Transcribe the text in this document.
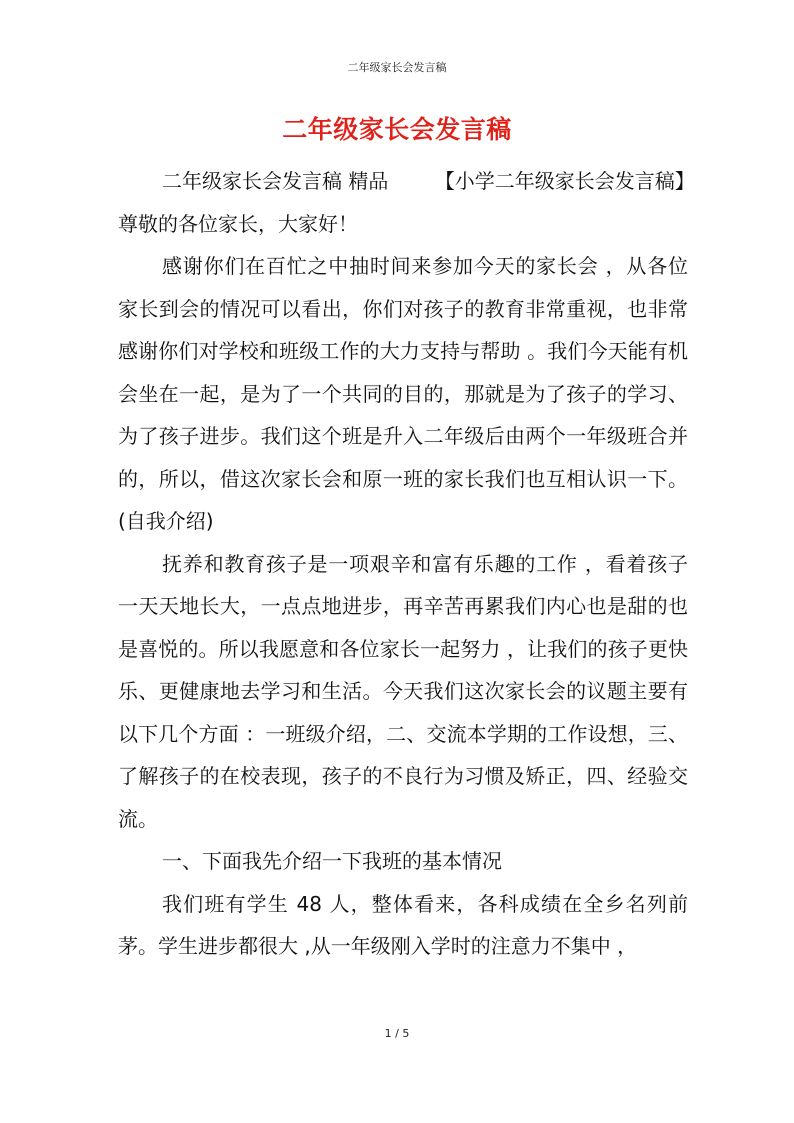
二年级家长会发言稿
二年级家长会发言稿

二年级家长会发言稿 精品　　 【小学二年级家长会发言稿】

尊敬的各位家长，大家好！

感谢你们在百忙之中抽时间来参加今天的家长会 ，从各位家长到会的情况可以看出，你们对孩子的教育非常重视，也非常感谢你们对学校和班级工作的大力支持与帮助 。我们今天能有机会坐在一起，是为了一个共同的目的，那就是为了孩子的学习、为了孩子进步。我们这个班是升入二年级后由两个一年级班合并的，所以，借这次家长会和原一班的家长我们也互相认识一下。 (自我介绍)

抚养和教育孩子是一项艰辛和富有乐趣的工作 ，看着孩子一天天地长大，一点点地进步，再辛苦再累我们内心也是甜的也是喜悦的。所以我愿意和各位家长一起努力 ，让我们的孩子更快乐、更健康地去学习和生活。今天我们这次家长会的议题主要有以下几个方面 ：一班级介绍，二、交流本学期的工作设想，三、了解孩子的在校表现，孩子的不良行为习惯及矫正，四、经验交流。

一、下面我先介绍一下我班的基本情况

我们班有学生 48 人，整体看来，各科成绩在全乡名列前茅。学生进步都很大 ,从一年级刚入学时的注意力不集中 ，

1 / 5
